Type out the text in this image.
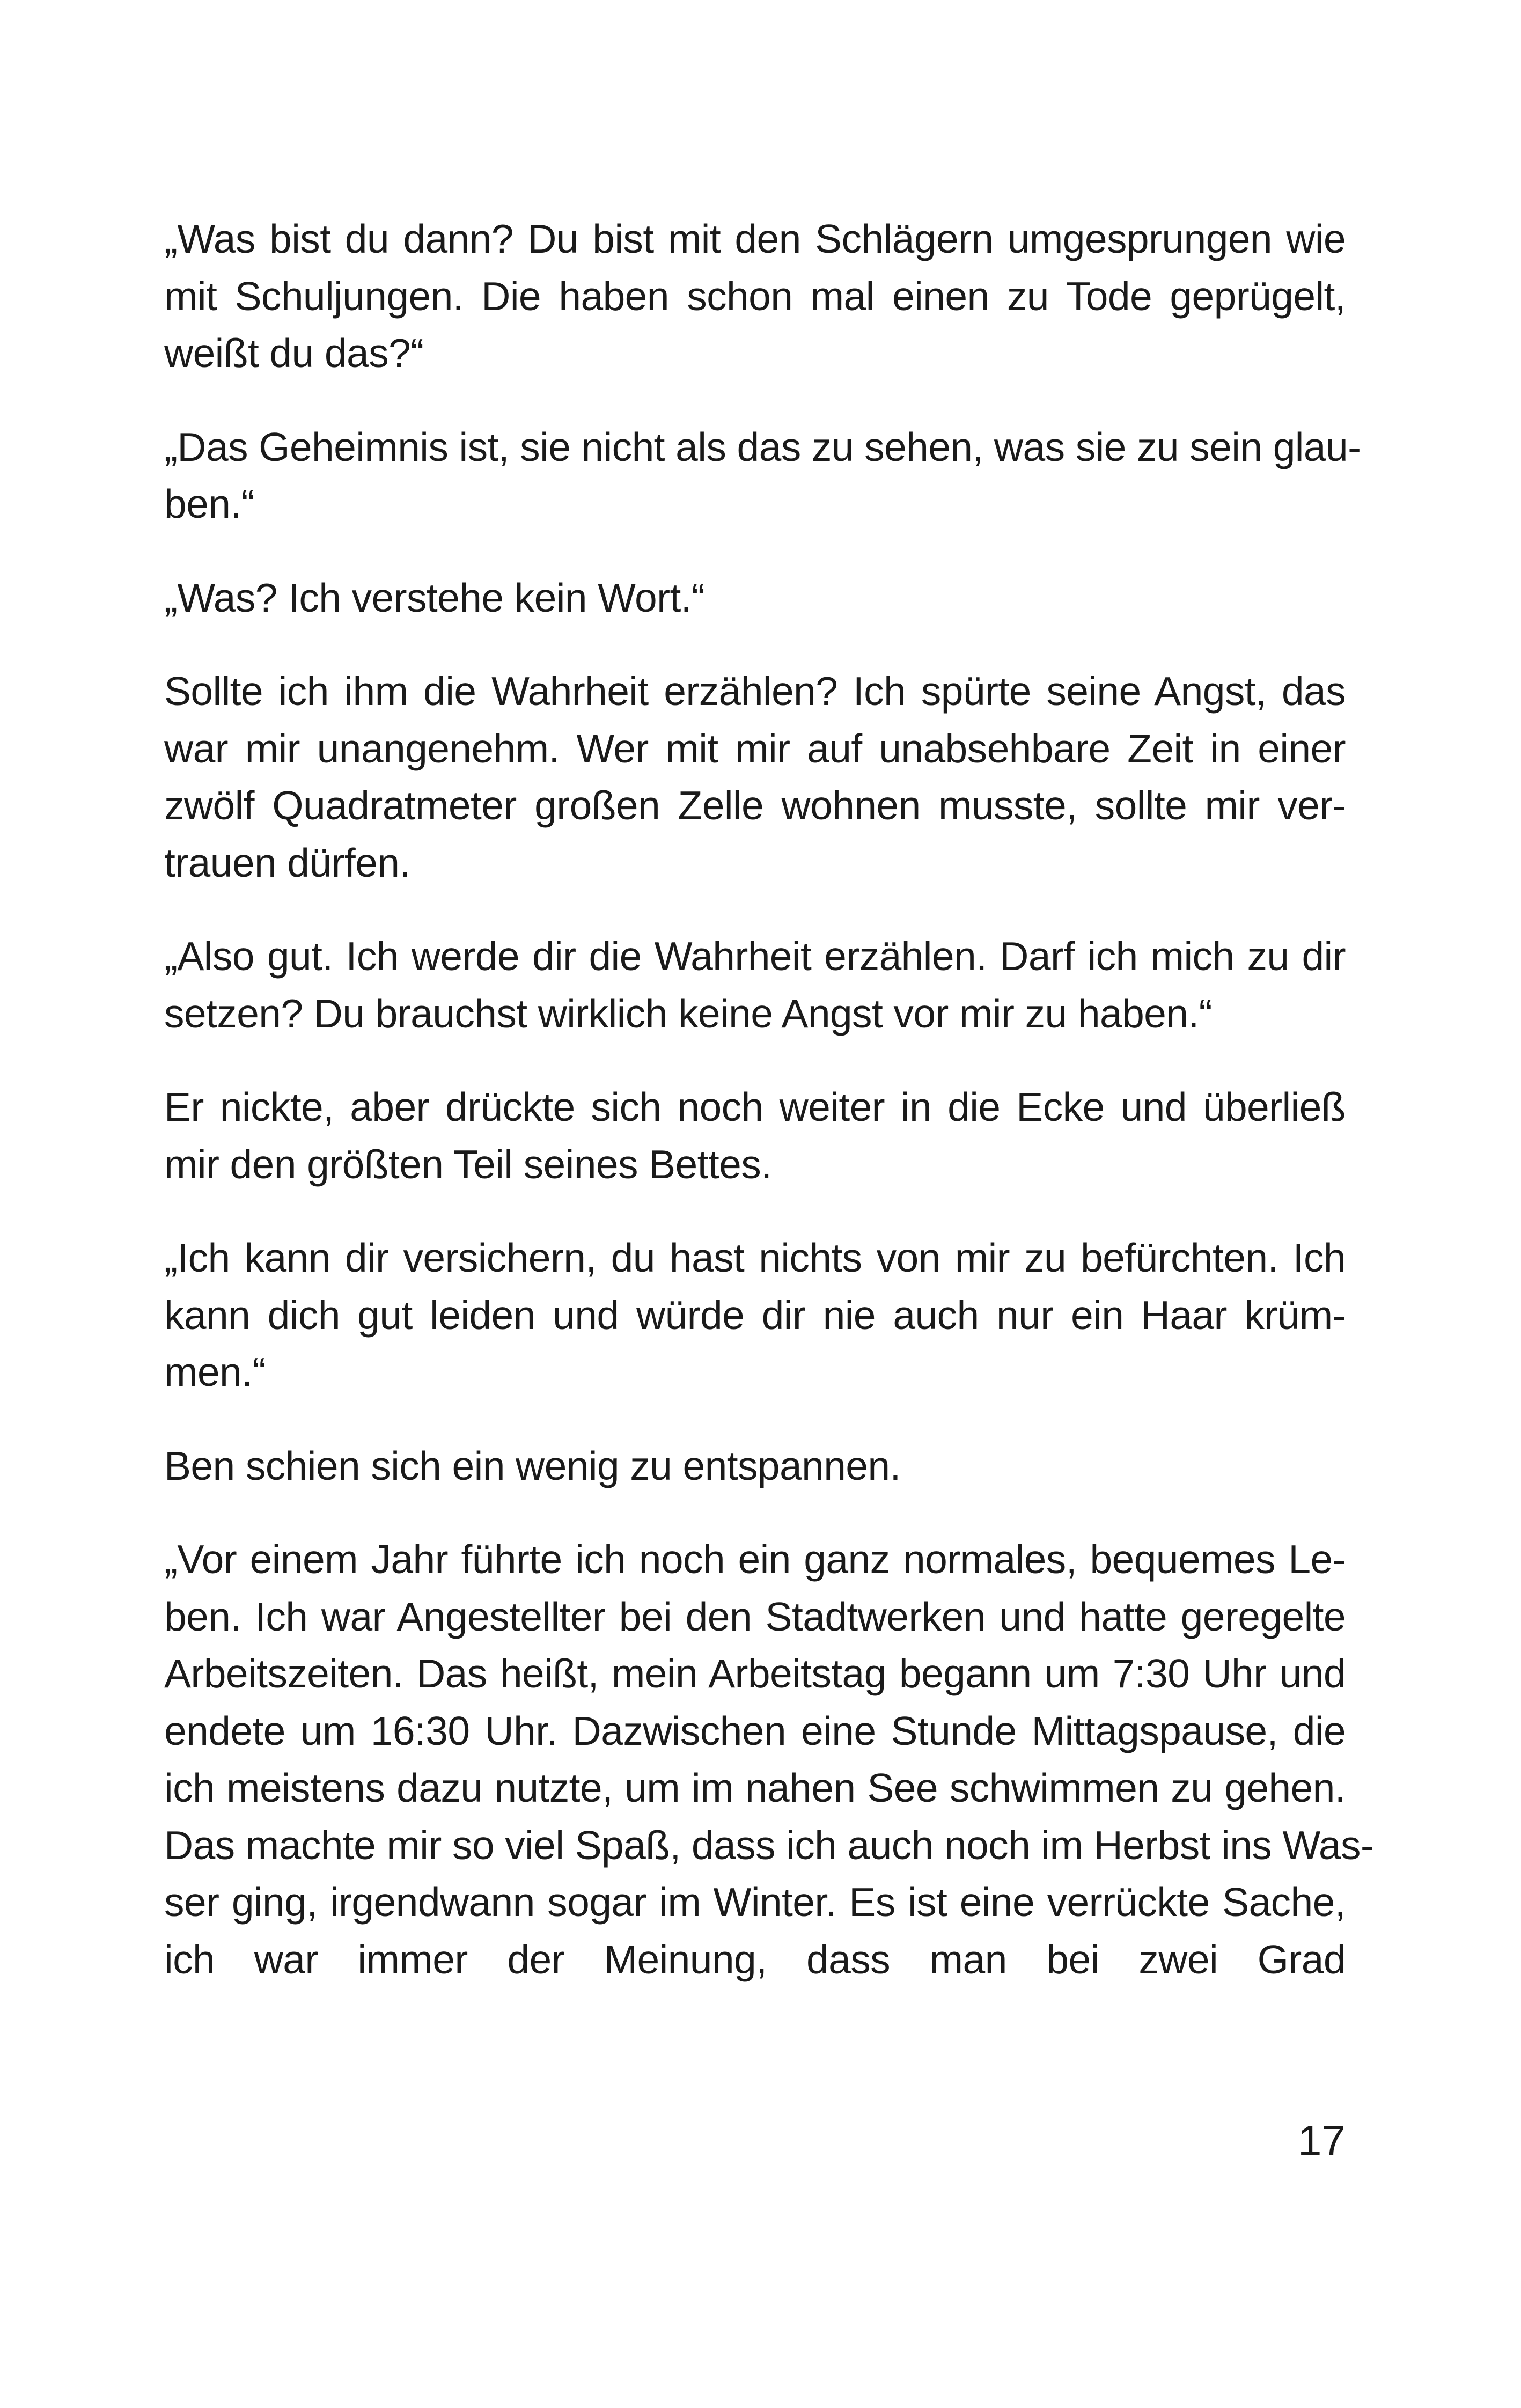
„Was bist du dann? Du bist mit den Schlägern umgesprungen wie
mit Schuljungen. Die haben schon mal einen zu Tode geprügelt,
weißt du das?“

„Das Geheimnis ist, sie nicht als das zu sehen, was sie zu sein glau-
ben.“

„Was? Ich verstehe kein Wort.“

Sollte ich ihm die Wahrheit erzählen? Ich spürte seine Angst, das
war mir unangenehm. Wer mit mir auf unabsehbare Zeit in einer
zwölf Quadratmeter großen Zelle wohnen musste, sollte mir ver-
trauen dürfen.

„Also gut. Ich werde dir die Wahrheit erzählen. Darf ich mich zu dir
setzen? Du brauchst wirklich keine Angst vor mir zu haben.“

Er nickte, aber drückte sich noch weiter in die Ecke und überließ
mir den größten Teil seines Bettes.

„Ich kann dir versichern, du hast nichts von mir zu befürchten. Ich
kann dich gut leiden und würde dir nie auch nur ein Haar krüm-
men.“

Ben schien sich ein wenig zu entspannen.

„Vor einem Jahr führte ich noch ein ganz normales, bequemes Le-
ben. Ich war Angestellter bei den Stadtwerken und hatte geregelte
Arbeitszeiten. Das heißt, mein Arbeitstag begann um 7:30 Uhr und
endete um 16:30 Uhr. Dazwischen eine Stunde Mittagspause, die
ich meistens dazu nutzte, um im nahen See schwimmen zu gehen.
Das machte mir so viel Spaß, dass ich auch noch im Herbst ins Was-
ser ging, irgendwann sogar im Winter. Es ist eine verrückte Sache,
ich war immer der Meinung, dass man bei zwei Grad

17
